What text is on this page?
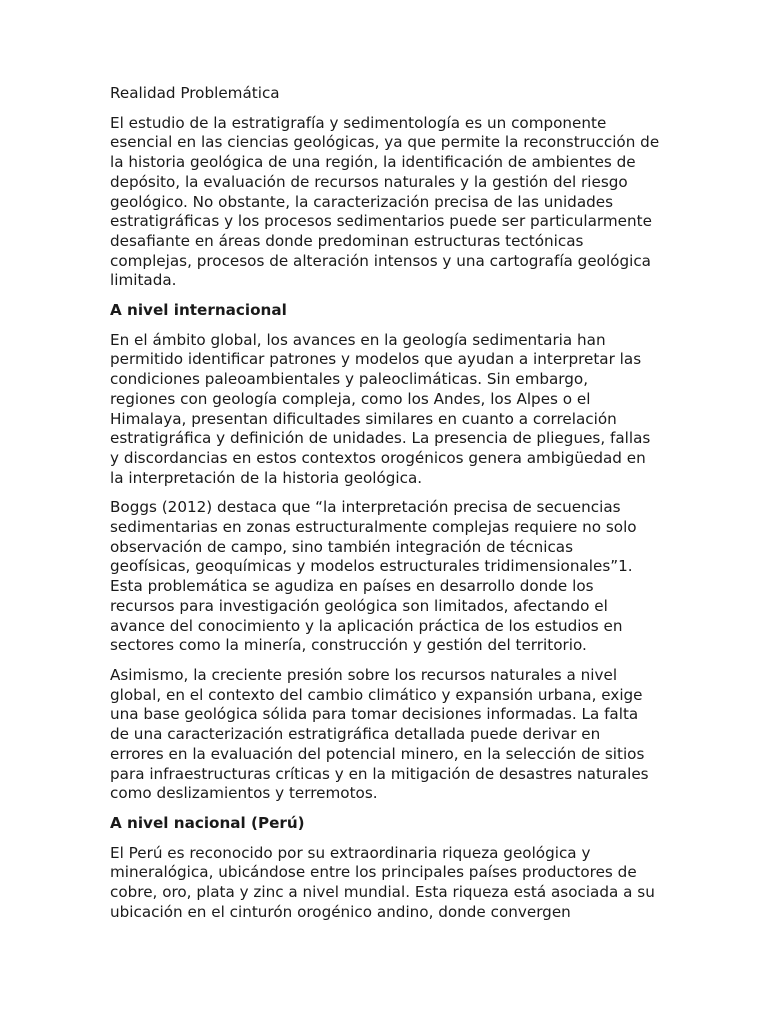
Realidad Problemática

El estudio de la estratigrafía y sedimentología es un componente esencial en las ciencias geológicas, ya que permite la reconstrucción de la historia geológica de una región, la identificación de ambientes de depósito, la evaluación de recursos naturales y la gestión del riesgo geológico. No obstante, la caracterización precisa de las unidades estratigráficas y los procesos sedimentarios puede ser particularmente desafiante en áreas donde predominan estructuras tectónicas complejas, procesos de alteración intensos y una cartografía geológica limitada.

A nivel internacional

En el ámbito global, los avances en la geología sedimentaria han permitido identificar patrones y modelos que ayudan a interpretar las condiciones paleoambientales y paleoclimáticas. Sin embargo, regiones con geología compleja, como los Andes, los Alpes o el Himalaya, presentan dificultades similares en cuanto a correlación estratigráfica y definición de unidades. La presencia de pliegues, fallas y discordancias en estos contextos orogénicos genera ambigüedad en la interpretación de la historia geológica.

Boggs (2012) destaca que “la interpretación precisa de secuencias sedimentarias en zonas estructuralmente complejas requiere no solo observación de campo, sino también integración de técnicas geofísicas, geoquímicas y modelos estructurales tridimensionales”1. Esta problemática se agudiza en países en desarrollo donde los recursos para investigación geológica son limitados, afectando el avance del conocimiento y la aplicación práctica de los estudios en sectores como la minería, construcción y gestión del territorio.

Asimismo, la creciente presión sobre los recursos naturales a nivel global, en el contexto del cambio climático y expansión urbana, exige una base geológica sólida para tomar decisiones informadas. La falta de una caracterización estratigráfica detallada puede derivar en errores en la evaluación del potencial minero, en la selección de sitios para infraestructuras críticas y en la mitigación de desastres naturales como deslizamientos y terremotos.

A nivel nacional (Perú)

El Perú es reconocido por su extraordinaria riqueza geológica y mineralógica, ubicándose entre los principales países productores de cobre, oro, plata y zinc a nivel mundial. Esta riqueza está asociada a su ubicación en el cinturón orogénico andino, donde convergen
